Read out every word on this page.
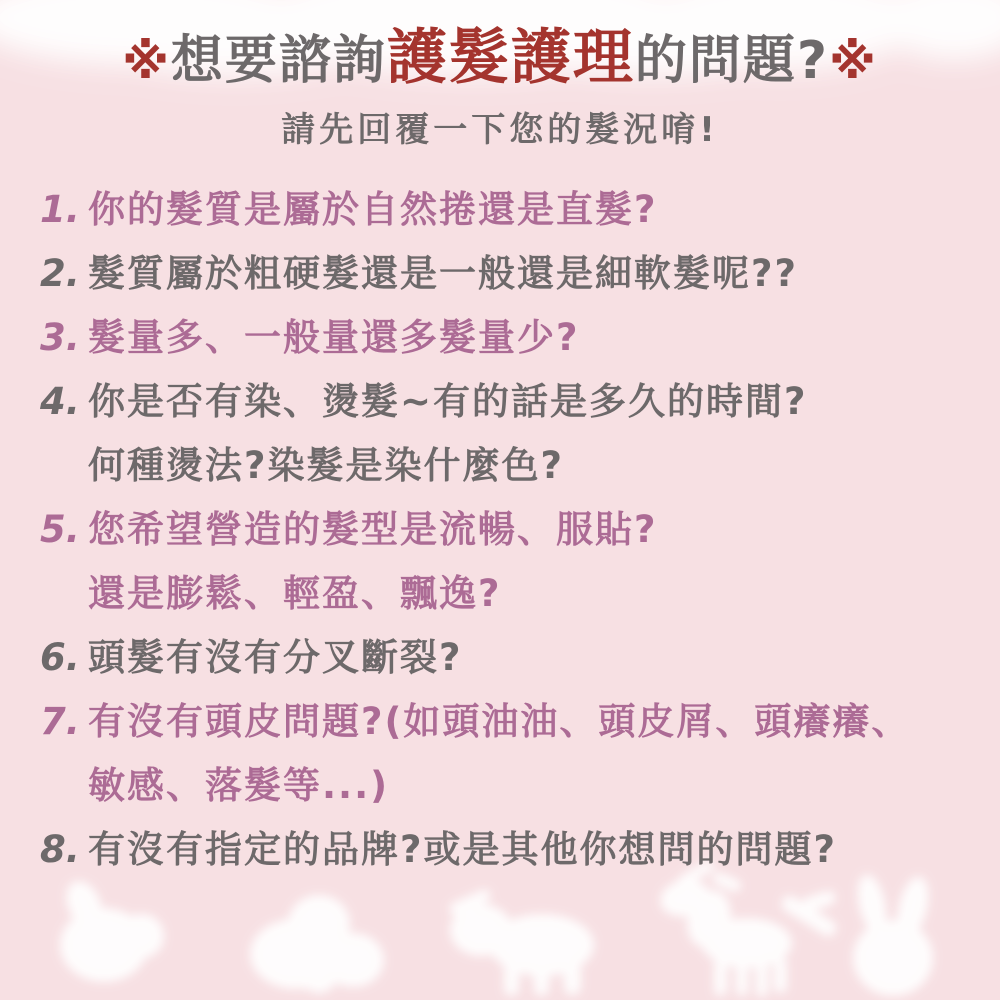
※想要諮詢護髮護理的問題?※
請先回覆一下您的髮況唷!
1. 你的髮質是屬於自然捲還是直髮?
2. 髮質屬於粗硬髮還是一般還是細軟髮呢??
3. 髮量多、一般量還多髮量少?
4. 你是否有染、燙髮~有的話是多久的時間?
何種燙法?染髮是染什麼色?
5. 您希望營造的髮型是流暢、服貼?
還是膨鬆、輕盈、飄逸?
6. 頭髮有沒有分叉斷裂?
7. 有沒有頭皮問題?(如頭油油、頭皮屑、頭癢癢、
敏感、落髮等...)
8. 有沒有指定的品牌?或是其他你想問的問題?
